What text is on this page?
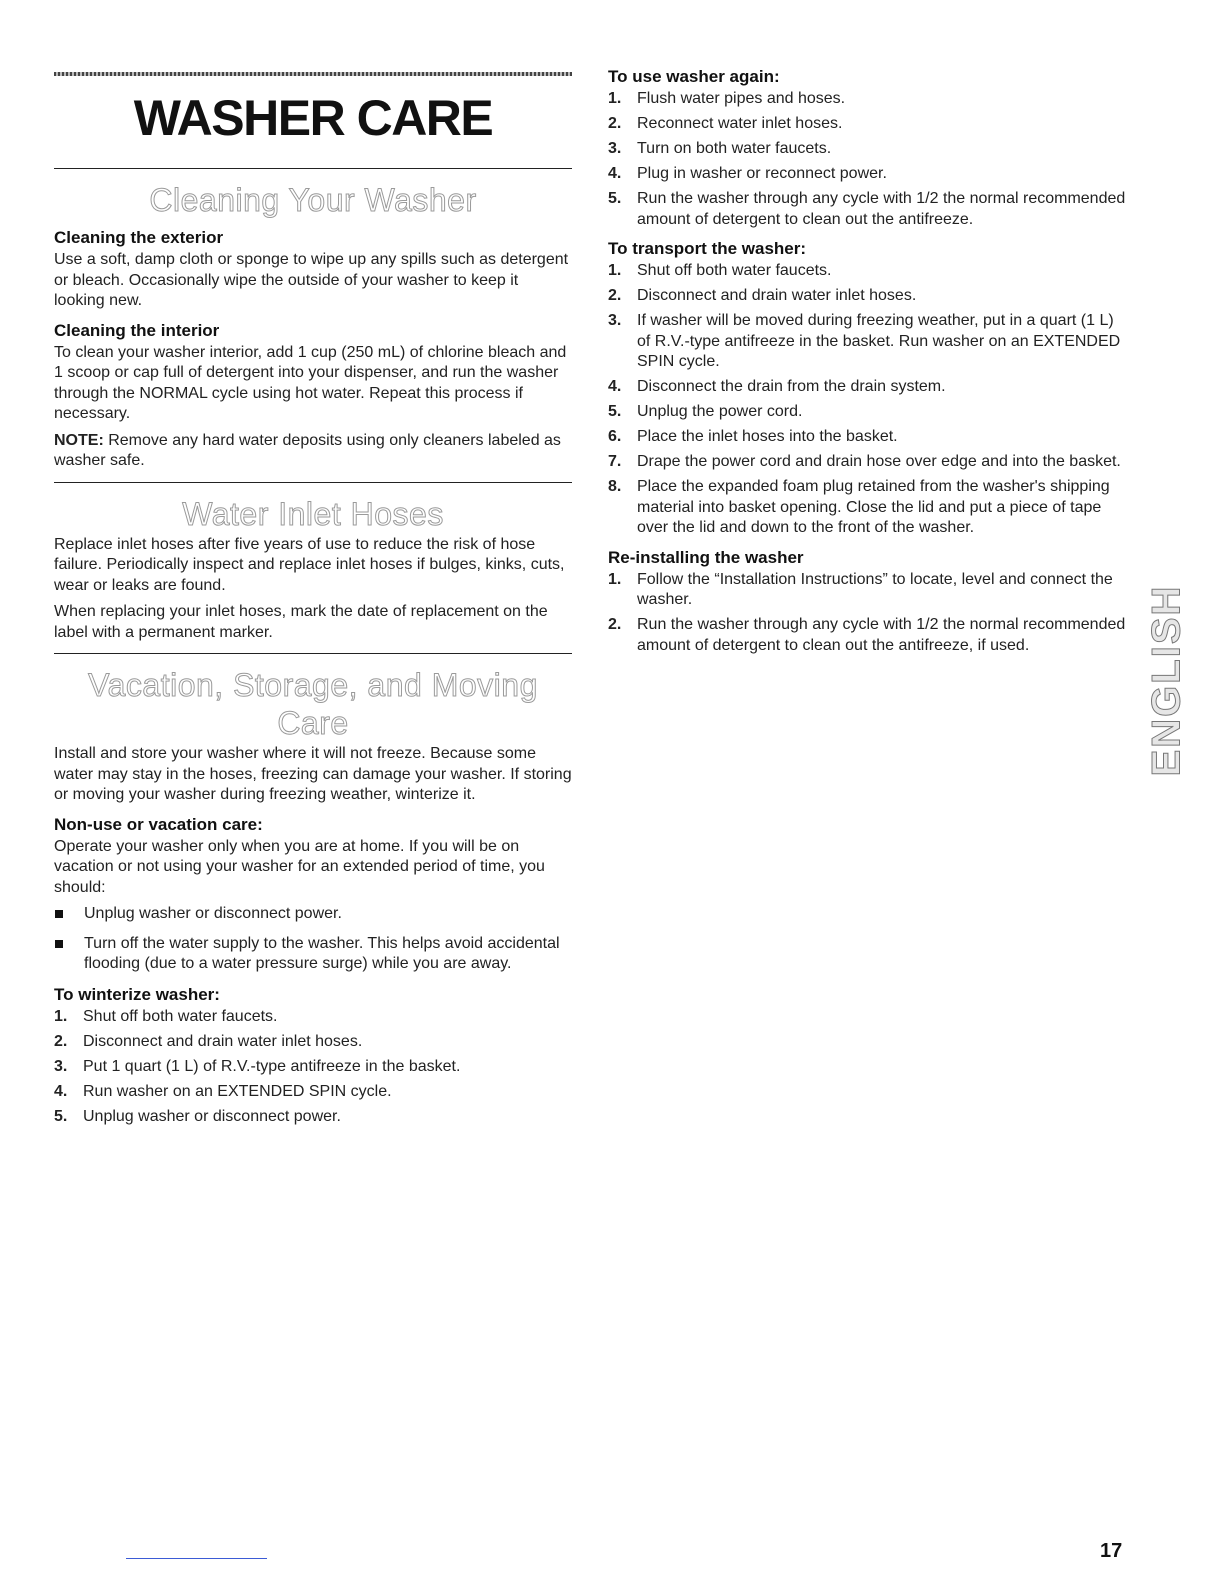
WASHER CARE
Cleaning Your Washer
Cleaning the exterior

Use a soft, damp cloth or sponge to wipe up any spills such as detergent or bleach. Occasionally wipe the outside of your washer to keep it looking new.

Cleaning the interior

To clean your washer interior, add 1 cup (250 mL) of chlorine bleach and 1 scoop or cap full of detergent into your dispenser, and run the washer through the NORMAL cycle using hot water. Repeat this process if necessary.

NOTE: Remove any hard water deposits using only cleaners labeled as washer safe.

Water Inlet Hoses

Replace inlet hoses after five years of use to reduce the risk of hose failure. Periodically inspect and replace inlet hoses if bulges, kinks, cuts, wear or leaks are found.

When replacing your inlet hoses, mark the date of replacement on the label with a permanent marker.

Vacation, Storage, and Moving Care

Install and store your washer where it will not freeze. Because some water may stay in the hoses, freezing can damage your washer. If storing or moving your washer during freezing weather, winterize it.

Non-use or vacation care:

Operate your washer only when you are at home. If you will be on vacation or not using your washer for an extended period of time, you should:

Unplug washer or disconnect power.
Turn off the water supply to the washer. This helps avoid accidental flooding (due to a water pressure surge) while you are away.
To winterize washer:
1. Shut off both water faucets.
2. Disconnect and drain water inlet hoses.
3. Put 1 quart (1 L) of R.V.-type antifreeze in the basket.
4. Run washer on an EXTENDED SPIN cycle.
5. Unplug washer or disconnect power.
To use washer again:
1. Flush water pipes and hoses.
2. Reconnect water inlet hoses.
3. Turn on both water faucets.
4. Plug in washer or reconnect power.
5. Run the washer through any cycle with 1/2 the normal recommended amount of detergent to clean out the antifreeze.
To transport the washer:
1. Shut off both water faucets.
2. Disconnect and drain water inlet hoses.
3. If washer will be moved during freezing weather, put in a quart (1 L) of R.V.-type antifreeze in the basket. Run washer on an EXTENDED SPIN cycle.
4. Disconnect the drain from the drain system.
5. Unplug the power cord.
6. Place the inlet hoses into the basket.
7. Drape the power cord and drain hose over edge and into the basket.
8. Place the expanded foam plug retained from the washer's shipping material into basket opening. Close the lid and put a piece of tape over the lid and down to the front of the washer.
Re-installing the washer
1. Follow the “Installation Instructions” to locate, level and connect the washer.
2. Run the washer through any cycle with 1/2 the normal recommended amount of detergent to clean out the antifreeze, if used.	ENGLISH
17
